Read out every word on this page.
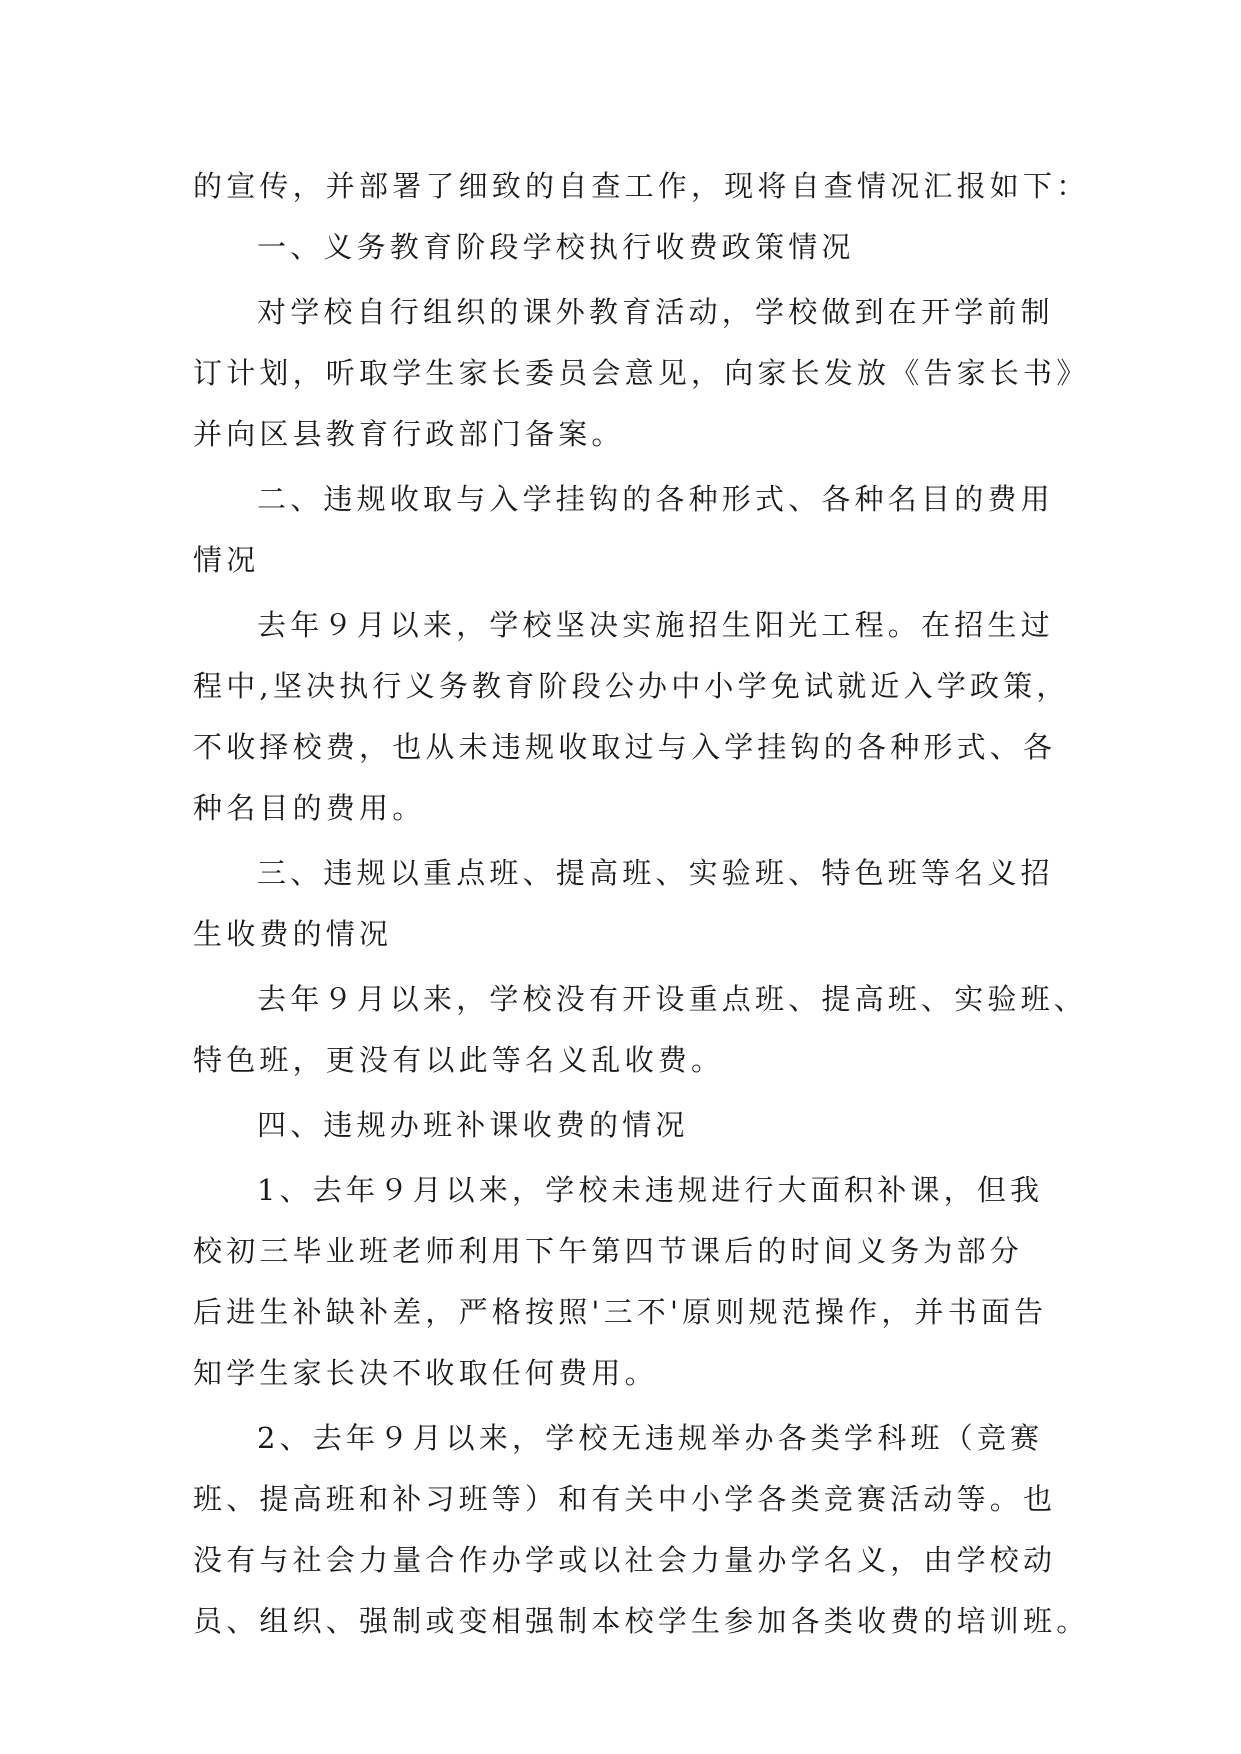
的宣传，并部署了细致的自查工作，现将自查情况汇报如下：
一、义务教育阶段学校执行收费政策情况
对学校自行组织的课外教育活动，学校做到在开学前制
订计划，听取学生家长委员会意见，向家长发放《告家长书》
并向区县教育行政部门备案。
二、违规收取与入学挂钩的各种形式、各种名目的费用
情况
去年９月以来，学校坚决实施招生阳光工程。在招生过
程中,坚决执行义务教育阶段公办中小学免试就近入学政策，
不收择校费，也从未违规收取过与入学挂钩的各种形式、各
种名目的费用。
三、违规以重点班、提高班、实验班、特色班等名义招
生收费的情况
去年９月以来，学校没有开设重点班、提高班、实验班、
特色班，更没有以此等名义乱收费。
四、违规办班补课收费的情况
1、去年９月以来，学校未违规进行大面积补课，但我
校初三毕业班老师利用下午第四节课后的时间义务为部分
后进生补缺补差，严格按照'三不'原则规范操作，并书面告
知学生家长决不收取任何费用。
2、去年９月以来，学校无违规举办各类学科班（竞赛
班、提高班和补习班等）和有关中小学各类竞赛活动等。也
没有与社会力量合作办学或以社会力量办学名义，由学校动
员、组织、强制或变相强制本校学生参加各类收费的培训班。
